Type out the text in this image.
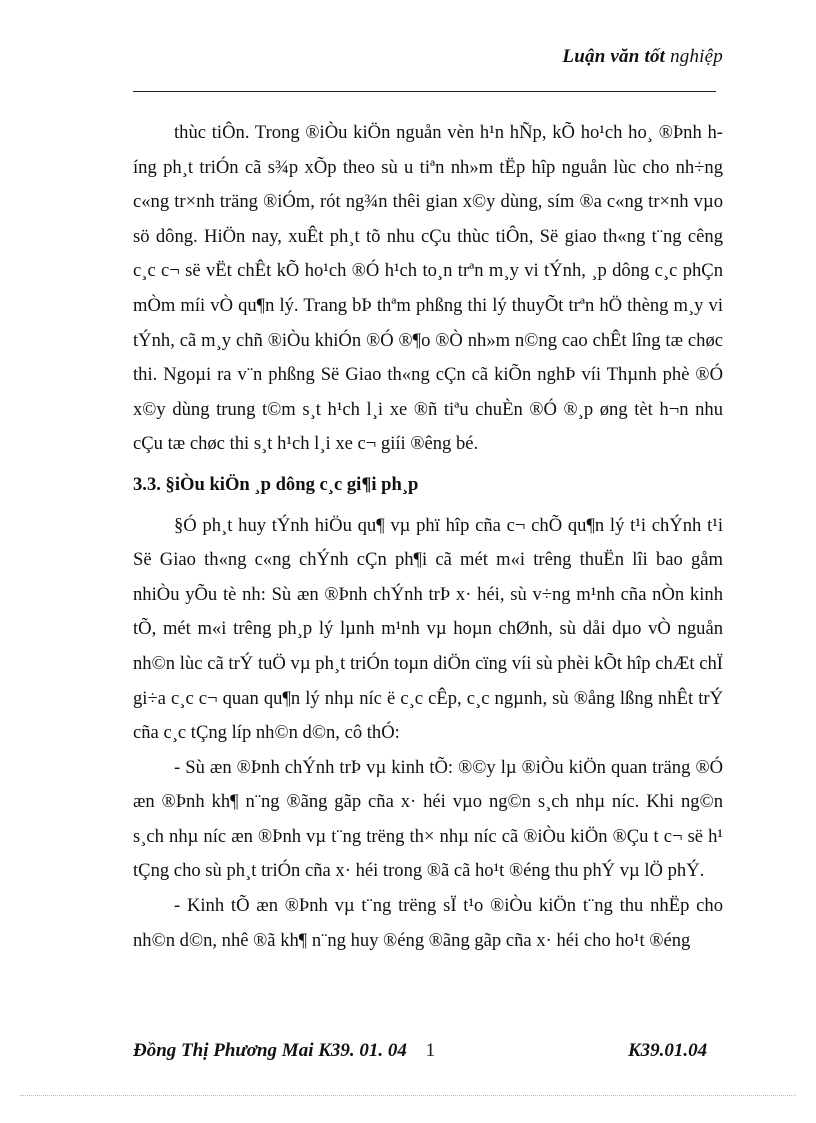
Luận văn tốt nghiệp

thùc tiÔn. Trong ®iÒu kiÖn nguån vèn h¹n hÑp, kÕ ho¹ch ho¸ ®Þnh híng ph¸t triÓn cã s¾p xÕp theo sù u tiªn nh»m tËp hîp nguån lùc cho nh÷ng c«ng tr×nh träng ®iÓm, rót ng¾n thêi gian x©y dùng, sím ®a c«ng tr×nh vµo sö dông. HiÖn nay, xuÊt ph¸t tõ nhu cÇu thùc tiÔn, Së giao th«ng t¨ng cêng c¸c c¬ së vËt chÊt kÕ ho¹ch ®Ó h¹ch to¸n trªn m¸y vi tÝnh, ¸p dông c¸c phÇn mÒm míi vÒ qu¶n lý. Trang bÞ thªm phßng thi lý thuyÕt trªn hÖ thèng m¸y vi tÝnh, cã m¸y chñ ®iÒu khiÓn ®Ó ®¶o ®Ò nh»m n©ng cao chÊt lîng tæ chøc thi. Ngoµi ra v¨n phßng Së Giao th«ng cÇn cã kiÕn nghÞ víi Thµnh phè ®Ó x©y dùng trung t©m s¸t h¹ch l¸i xe ®ñ tiªu chuÈn ®Ó ®¸p øng tèt h¬n nhu cÇu tæ chøc thi s¸t h¹ch l¸i xe c¬ giíi ®êng bé.

3.3. §iÒu kiÖn ¸p dông c¸c gi¶i ph¸p

§Ó ph¸t huy tÝnh hiÖu qu¶ vµ phï hîp cña c¬ chÕ qu¶n lý t¹i chÝnh t¹i Së Giao th«ng c«ng chÝnh cÇn ph¶i cã mét m«i trêng thuËn lîi bao gåm nhiÒu yÕu tè nh: Sù æn ®Þnh chÝnh trÞ x· héi, sù v÷ng m¹nh cña nÒn kinh tÕ, mét m«i trêng ph¸p lý lµnh m¹nh vµ hoµn chØnh, sù dåi dµo vÒ nguån nh©n lùc cã trÝ tuÖ vµ ph¸t triÓn toµn diÖn cïng víi sù phèi kÕt hîp chÆt chÏ gi÷a c¸c c¬ quan qu¶n lý nhµ níc ë c¸c cÊp, c¸c ngµnh, sù ®ång lßng nhÊt trÝ cña c¸c tÇng líp nh©n d©n, cô thÓ:

- Sù æn ®Þnh chÝnh trÞ vµ kinh tÕ: ®©y lµ ®iÒu kiÖn quan träng ®Ó æn ®Þnh kh¶ n¨ng ®ãng gãp cña x· héi vµo ng©n s¸ch nhµ níc. Khi ng©n s¸ch nhµ níc æn ®Þnh vµ t¨ng trëng th× nhµ níc cã ®iÒu kiÖn ®Çu t c¬ së h¹ tÇng cho sù ph¸t triÓn cña x· héi trong ®ã cã ho¹t ®éng thu phÝ vµ lÖ phÝ.

- Kinh tÕ æn ®Þnh vµ t¨ng trëng sÏ t¹o ®iÒu kiÖn t¨ng thu nhËp cho nh©n d©n, nhê ®ã kh¶ n¨ng huy ®éng ®ãng gãp cña x· héi cho ho¹t ®éng

Đồng Thị Phương Mai K39. 01. 04 1	K39.01.04
